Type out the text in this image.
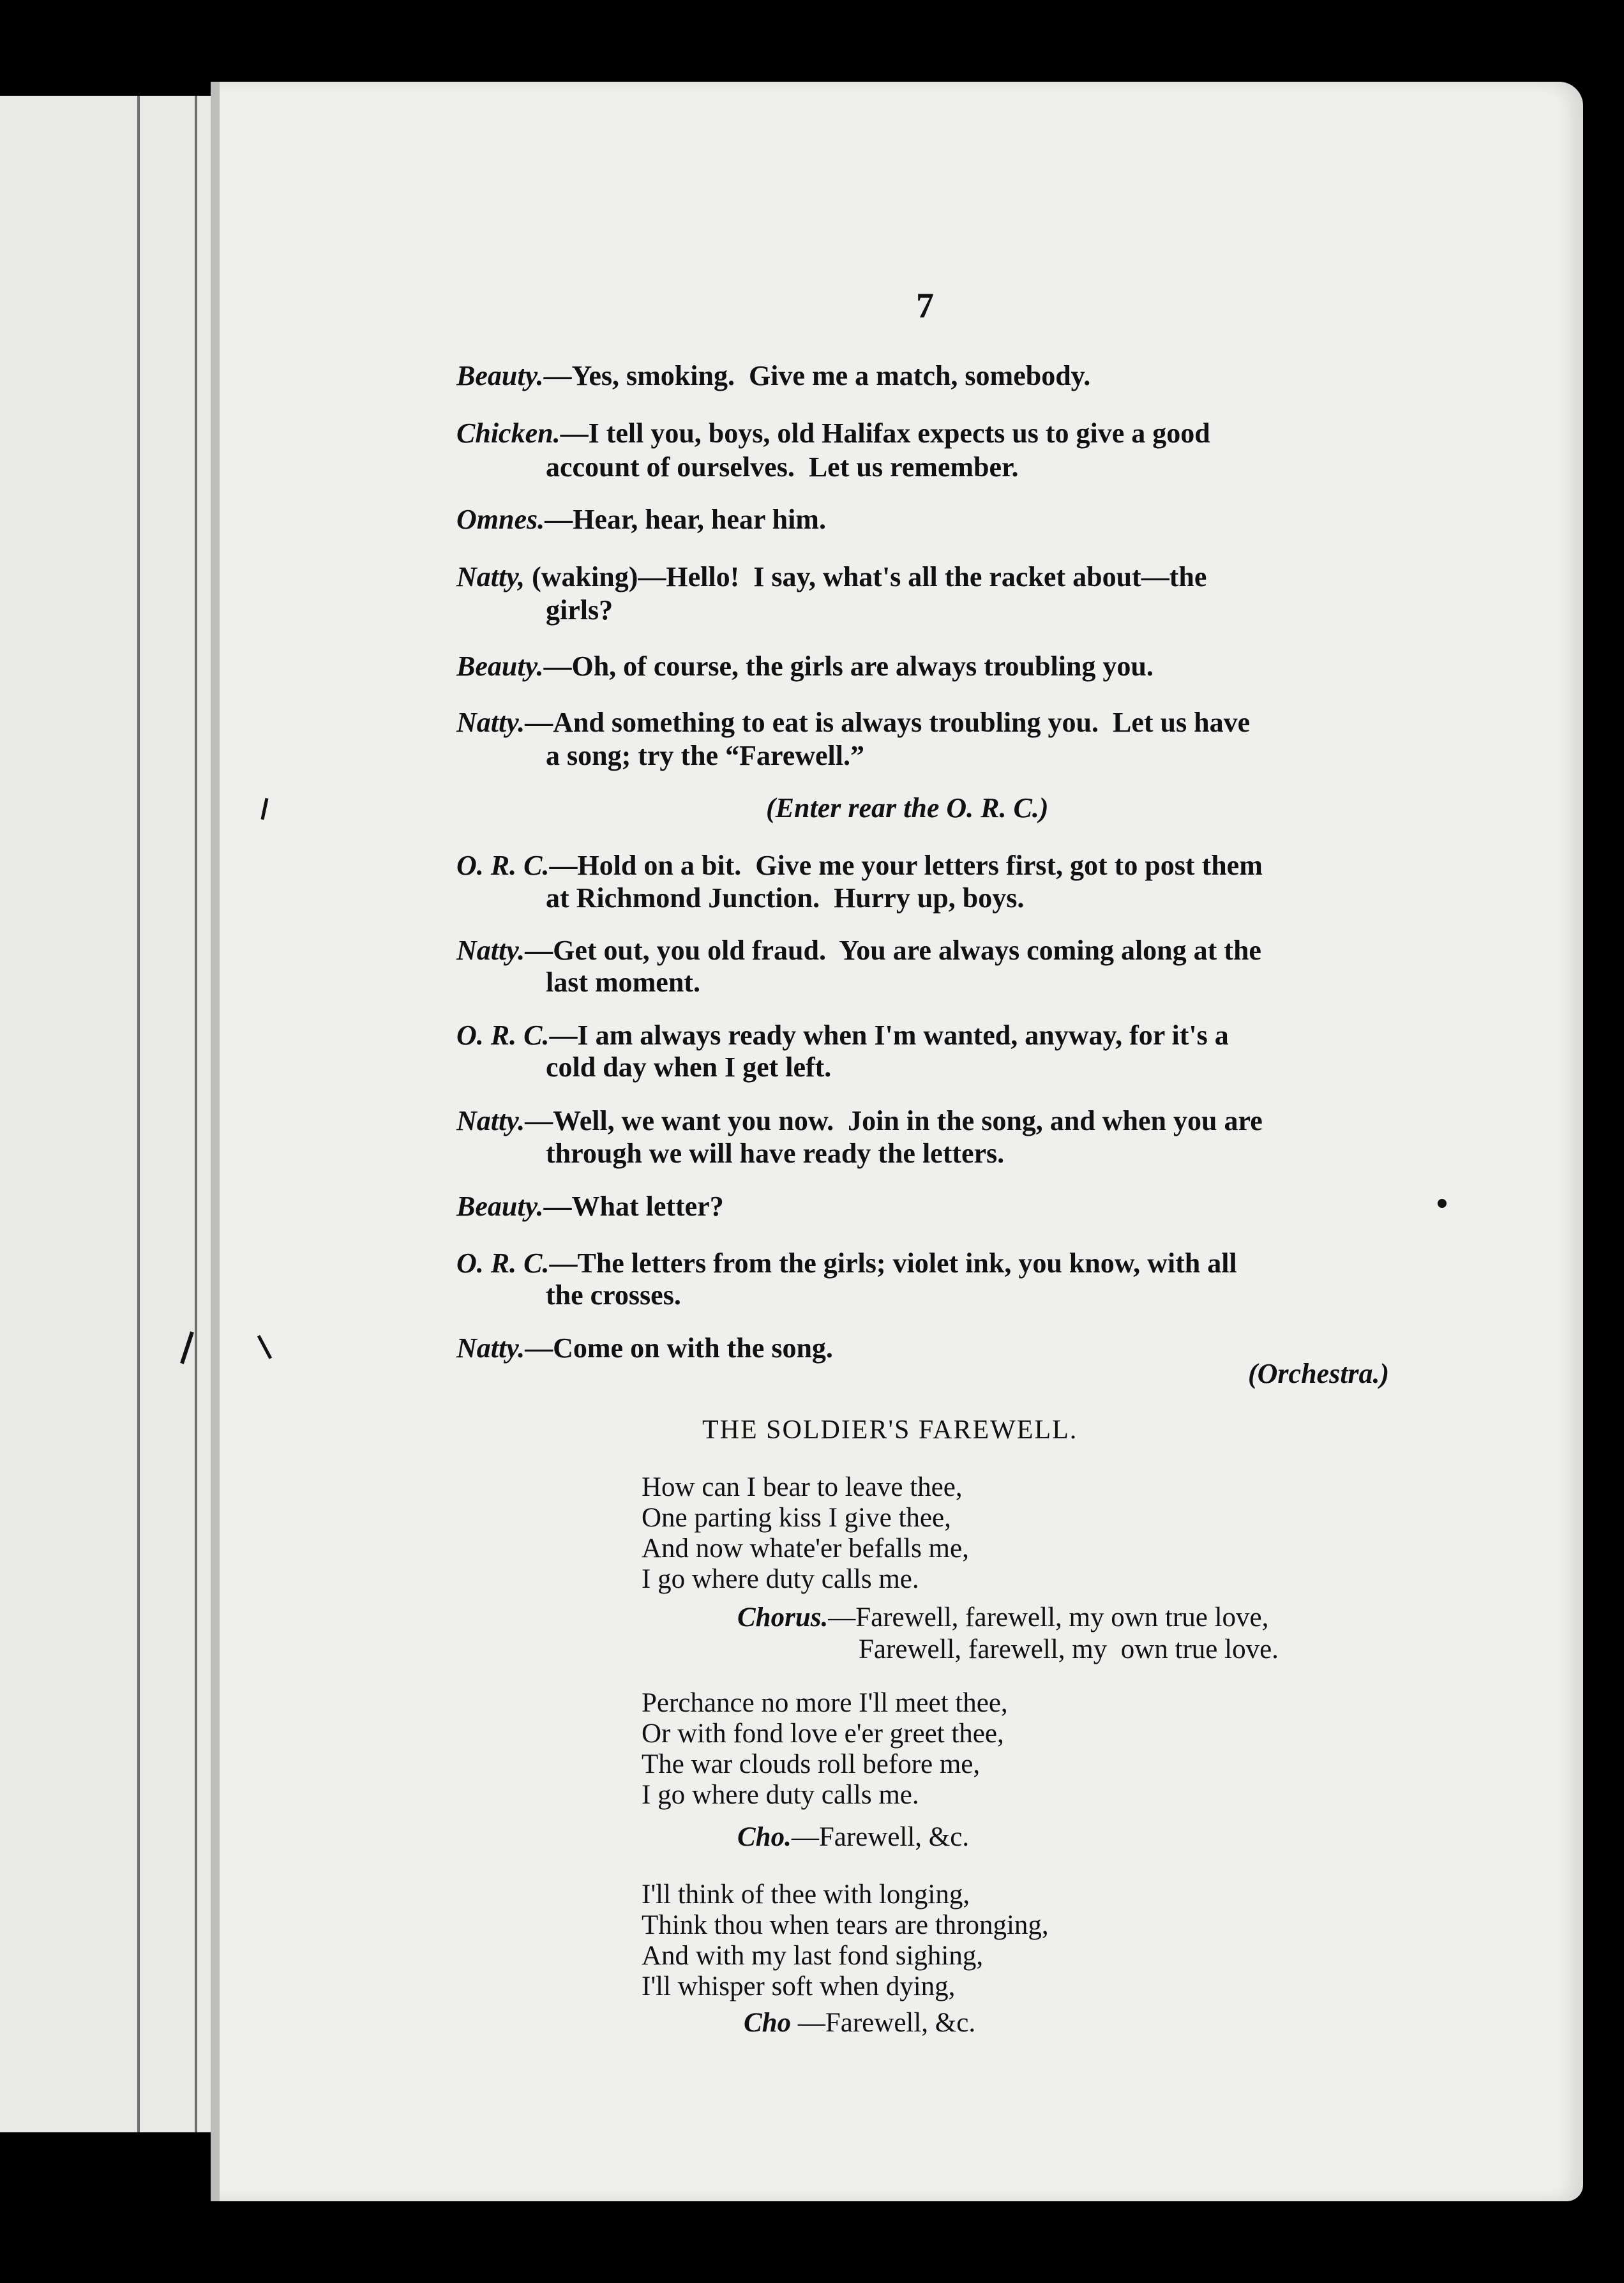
7
Beauty.—Yes, smoking.  Give me a match, somebody.
Chicken.—I tell you, boys, old Halifax expects us to give a good
account of ourselves.  Let us remember.
Omnes.—Hear, hear, hear him.
Natty, (waking)—Hello!  I say, what's all the racket about—the
girls?
Beauty.—Oh, of course, the girls are always troubling you.
Natty.—And something to eat is always troubling you.  Let us have
a song; try the “Farewell.”
(Enter rear the O. R. C.)
O. R. C.—Hold on a bit.  Give me your letters first, got to post them
at Richmond Junction.  Hurry up, boys.
Natty.—Get out, you old fraud.  You are always coming along at the
last moment.
O. R. C.—I am always ready when I'm wanted, anyway, for it's a
cold day when I get left.
Natty.—Well, we want you now.  Join in the song, and when you are
through we will have ready the letters.
Beauty.—What letter?
O. R. C.—The letters from the girls; violet ink, you know, with all
the crosses.
Natty.—Come on with the song.
(Orchestra.)
THE SOLDIER'S FAREWELL.
How can I bear to leave thee,
One parting kiss I give thee,
And now whate'er befalls me,
I go where duty calls me.
Chorus.—Farewell, farewell, my own true love,
Farewell, farewell, my  own true love.
Perchance no more I'll meet thee,
Or with fond love e'er greet thee,
The war clouds roll before me,
I go where duty calls me.
Cho.—Farewell, &c.
I'll think of thee with longing,
Think thou when tears are thronging,
And with my last fond sighing,
I'll whisper soft when dying,
Cho —Farewell, &c.
